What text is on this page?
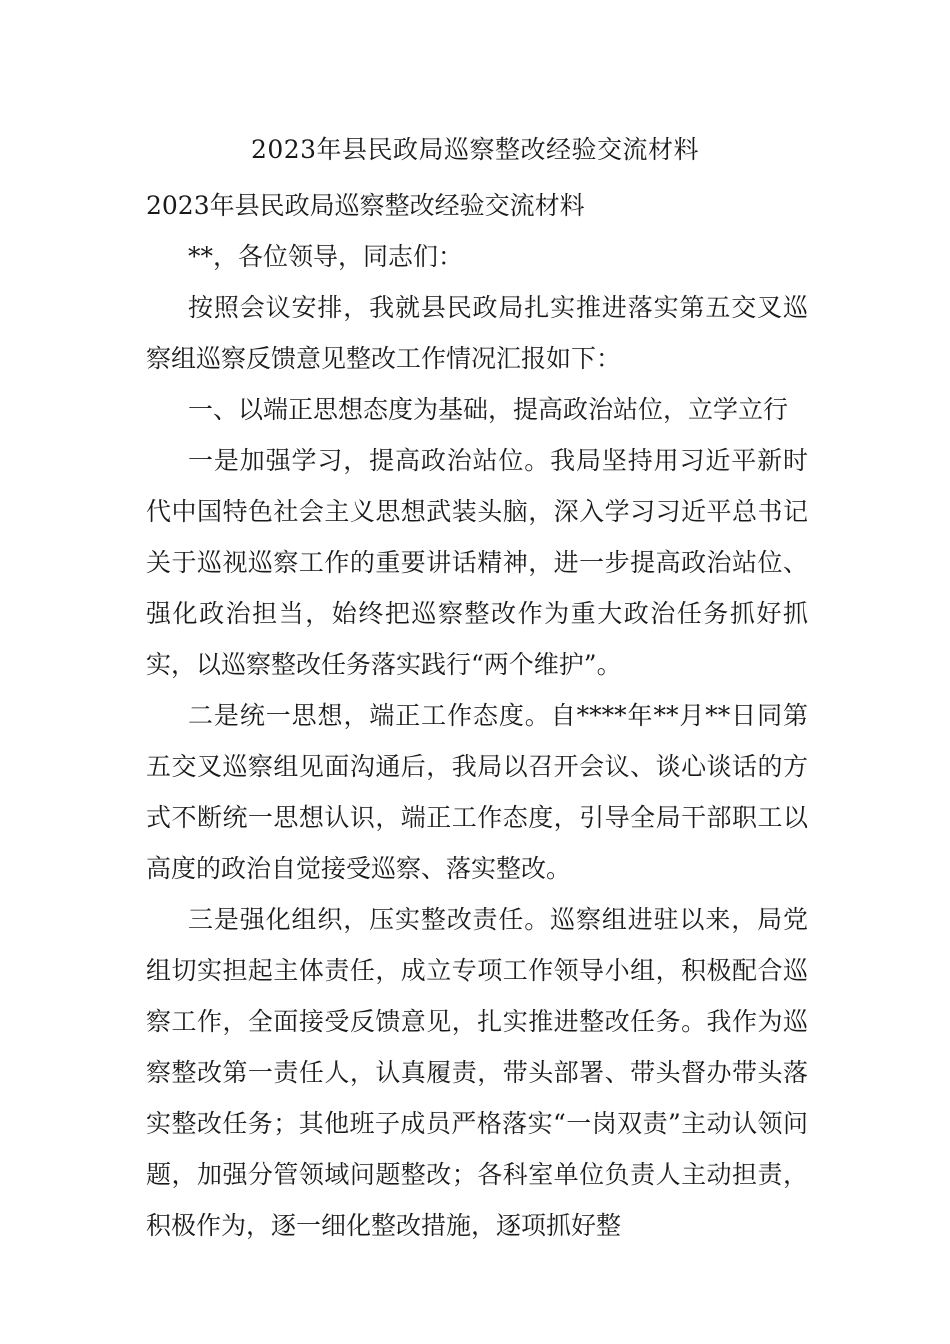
2023年县民政局巡察整改经验交流材料

2023年县民政局巡察整改经验交流材料

**，各位领导，同志们：

按照会议安排，我就县民政局扎实推进落实第五交叉巡察组巡察反馈意见整改工作情况汇报如下：

一、以端正思想态度为基础，提高政治站位，立学立行

一是加强学习，提高政治站位。我局坚持用习近平新时代中国特色社会主义思想武装头脑，深入学习习近平总书记关于巡视巡察工作的重要讲话精神，进一步提高政治站位、强化政治担当，始终把巡察整改作为重大政治任务抓好抓实，以巡察整改任务落实践行“两个维护”。

二是统一思想，端正工作态度。自****年**月**日同第五交叉巡察组见面沟通后，我局以召开会议、谈心谈话的方式不断统一思想认识，端正工作态度，引导全局干部职工以高度的政治自觉接受巡察、落实整改。

三是强化组织，压实整改责任。巡察组进驻以来，局党组切实担起主体责任，成立专项工作领导小组，积极配合巡察工作，全面接受反馈意见，扎实推进整改任务。我作为巡察整改第一责任人，认真履责，带头部署、带头督办带头落实整改任务；其他班子成员严格落实“一岗双责”主动认领问题，加强分管领域问题整改；各科室单位负责人主动担责，积极作为，逐一细化整改措施，逐项抓好整
